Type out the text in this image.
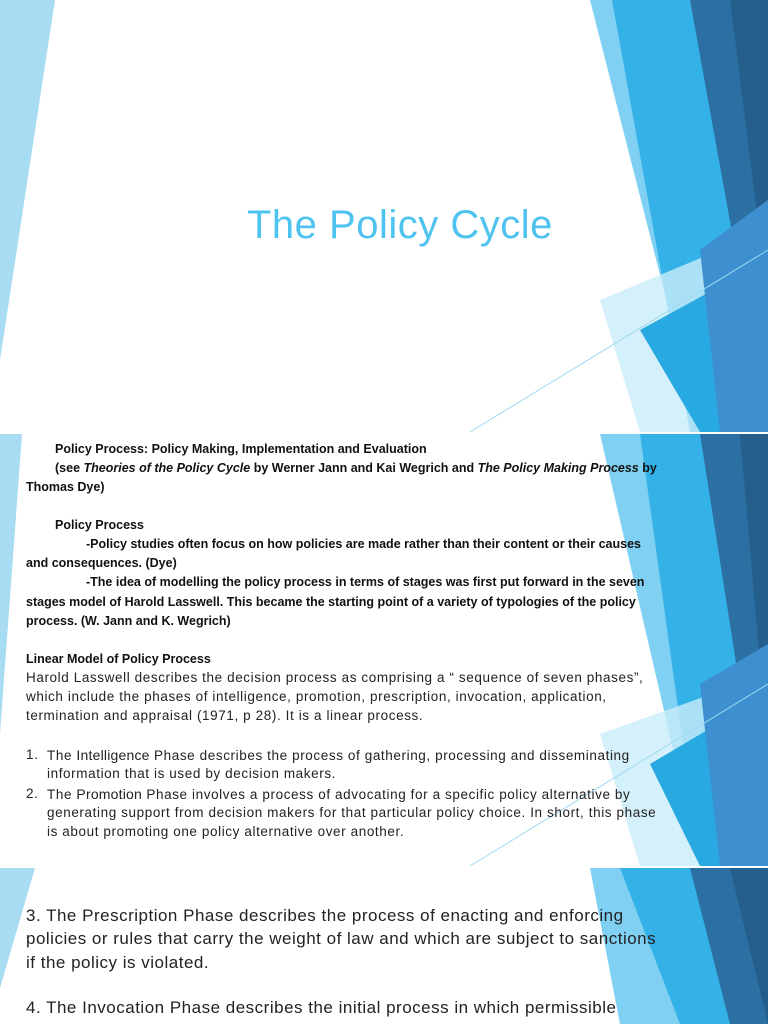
The Policy Cycle
Policy Process: Policy Making, Implementation and Evaluation
(see Theories of the Policy Cycle by Werner Jann and Kai Wegrich and The Policy Making Process by
Thomas Dye)
Policy Process
-Policy studies often focus on how policies are made rather than their content or their causes
and consequences. (Dye)
-The idea of modelling the policy process in terms of stages was first put forward in the seven
stages model of Harold Lasswell. This became the starting point of a variety of typologies of the policy
process. (W. Jann and K. Wegrich)
Linear Model of Policy Process
Harold Lasswell describes the decision process as comprising a “ sequence of seven phases”,
which include the phases of intelligence, promotion, prescription, invocation, application,
termination and appraisal (1971, p 28). It is a linear process.
1. The Intelligence Phase describes the process of gathering, processing and disseminating
information that is used by decision makers.
2. The Promotion Phase involves a process of advocating for a specific policy alternative by
generating support from decision makers for that particular policy choice. In short, this phase
is about promoting one policy alternative over another.
3. The Prescription Phase describes the process of enacting and enforcing
policies or rules that carry the weight of law and which are subject to sanctions
if the policy is violated.
4. The Invocation Phase describes the initial process in which permissible
